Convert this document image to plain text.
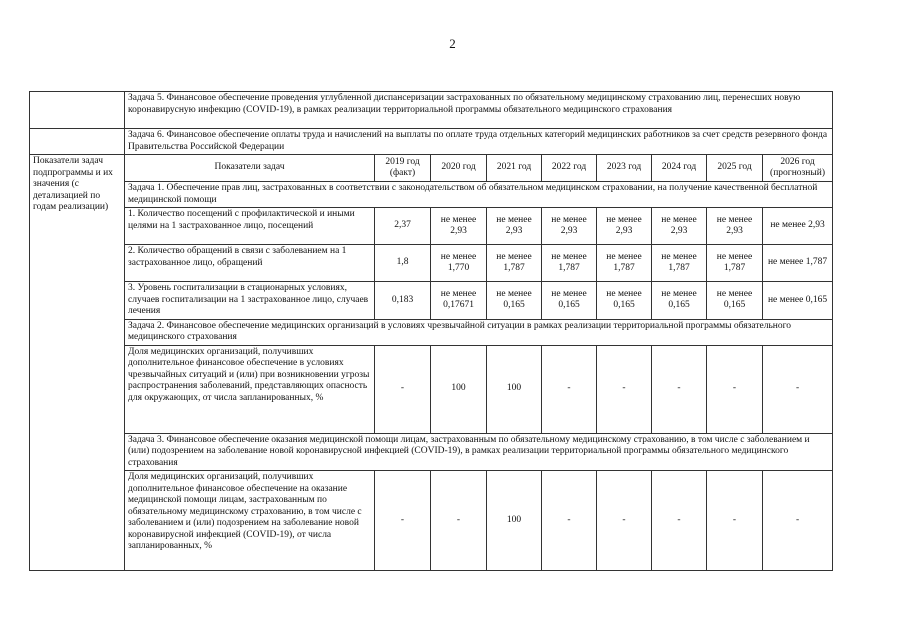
2
	Задача 5. Финансовое обеспечение проведения углубленной диспансеризации застрахованных по обязательному медицинскому страхованию лиц, перенесших новую коронавирусную инфекцию (COVID-19), в рамках реализации территориальной программы обязательного медицинского страхования								
	Задача 6. Финансовое обеспечение оплаты труда и начислений на выплаты по оплате труда отдельных категорий медицинских работников за счет средств резервного фонда Правительства Российской Федерации								
Показатели задач подпрограммы и их значения (с детализацией по годам реализации)	Показатели задач	2019 год (факт)	2020 год	2021 год	2022 год	2023 год	2024 год	2025 год	2026 год (прогнозный)
	Задача 1. Обеспечение прав лиц, застрахованных в соответствии с законодательством об обязательном медицинском страховании, на получение качественной бесплатной медицинской помощи								
	1. Количество посещений с профилактической и иными целями на 1 застрахованное лицо, посещений	2,37	не менее 2,93	не менее 2,93	не менее 2,93	не менее 2,93	не менее 2,93	не менее 2,93	не менее 2,93
	2. Количество обращений в связи с заболеванием на 1 застрахованное лицо, обращений	1,8	не менее 1,770	не менее 1,787	не менее 1,787	не менее 1,787	не менее 1,787	не менее 1,787	не менее 1,787
	3. Уровень госпитализации в стационарных условиях, случаев госпитализации на 1 застрахованное лицо, случаев лечения	0,183	не менее 0,17671	не менее 0,165	не менее 0,165	не менее 0,165	не менее 0,165	не менее 0,165	не менее 0,165
	Задача 2. Финансовое обеспечение медицинских организаций в условиях чрезвычайной ситуации в рамках реализации территориальной программы обязательного медицинского страхования								
	Доля медицинских организаций, получивших дополнительное финансовое обеспечение в условиях чрезвычайных ситуаций и (или) при возникновении угрозы распространения заболеваний, представляющих опасность для окружающих, от числа запланированных, %	-	100	100	-	-	-	-	-
	Задача 3. Финансовое обеспечение оказания медицинской помощи лицам, застрахованным по обязательному медицинскому страхованию, в том числе с заболеванием и (или) подозрением на заболевание новой коронавирусной инфекцией (COVID-19), в рамках реализации территориальной программы обязательного медицинского страхования								
	Доля медицинских организаций, получивших дополнительное финансовое обеспечение на оказание медицинской помощи лицам, застрахованным по обязательному медицинскому страхованию, в том числе с заболеванием и (или) подозрением на заболевание новой коронавирусной инфекцией (COVID-19), от числа запланированных, %	-	-	100	-	-	-	-	-
